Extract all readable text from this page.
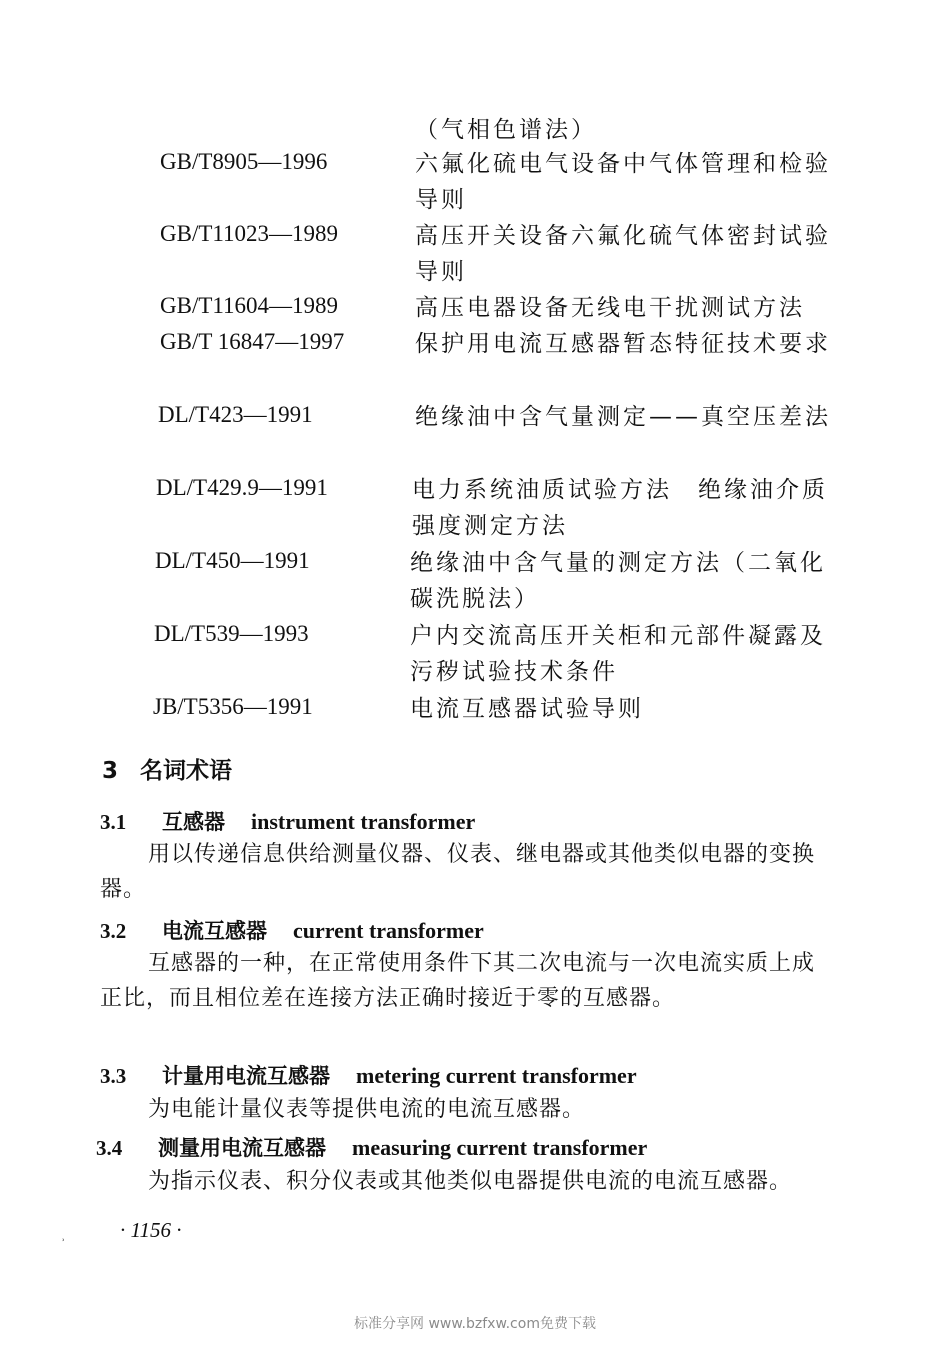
（气相色谱法）
GB/T8905—1996	六氟化硫电气设备中气体管理和检验导则
GB/T11023—1989	高压开关设备六氟化硫气体密封试验导则
GB/T11604—1989	高压电器设备无线电干扰测试方法
GB/T 16847—1997	保护用电流互感器暂态特征技术要求
DL/T423—1991	绝缘油中含气量测定——真空压差法
DL/T429.9—1991	电力系统油质试验方法　绝缘油介质强度测定方法
DL/T450—1991	绝缘油中含气量的测定方法（二氧化碳洗脱法）
DL/T539—1993	户内交流高压开关柜和元部件凝露及污秽试验技术条件
JB/T5356—1991	电流互感器试验导则
3 名词术语
3.1 互感器 instrument transformer
用以传递信息供给测量仪器、仪表、继电器或其他类似电器的变换器。
3.2 电流互感器 current transformer
互感器的一种，在正常使用条件下其二次电流与一次电流实质上成正比，而且相位差在连接方法正确时接近于零的互感器。
3.3 计量用电流互感器 metering current transformer
为电能计量仪表等提供电流的电流互感器。
3.4 测量用电流互感器 measuring current transformer
为指示仪表、积分仪表或其他类似电器提供电流的电流互感器。
· 1156 ·
ʾ
标准分享网 www.bzfxw.com免费下载
